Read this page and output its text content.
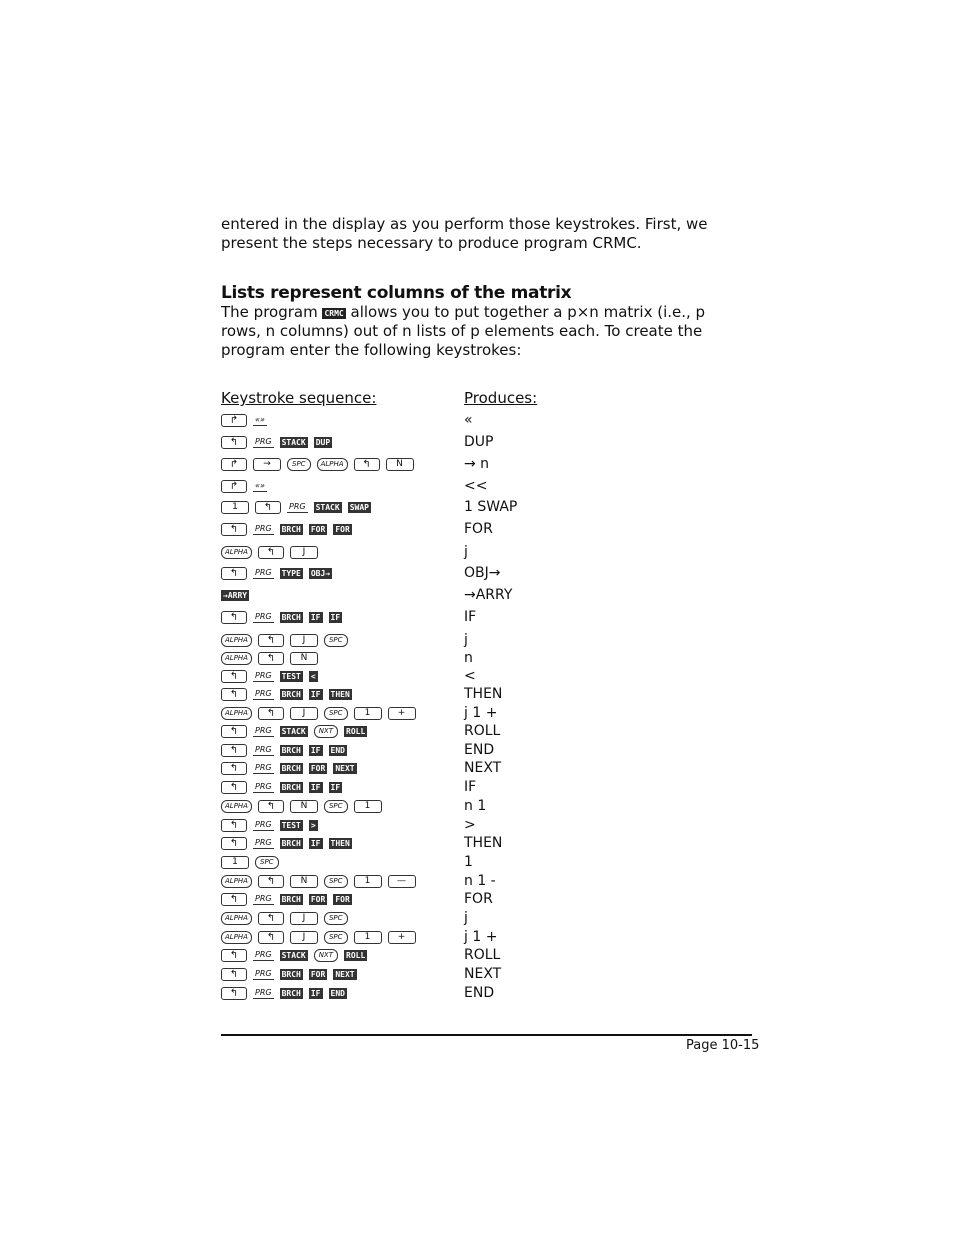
entered in the display as you perform those keystrokes. First, we present the steps necessary to produce program CRMC.
Lists represent columns of the matrix
The program CRMC allows you to put together a p×n matrix (i.e., p rows, n columns) out of n lists of p elements each. To create the program enter the following keystrokes:
Keystroke sequence:	Produces:
↱	«»	«
↰	PRG STACK DUP	DUP
↱	→	SPC	ALPHA	↰	N	→ n
↱	«»	<<
1	↰	PRG STACK SWAP	1 SWAP
↰	PRG BRCH FOR FOR	FOR
ALPHA	↰	J	j
↰	PRG TYPE OBJ→	OBJ→
→ARRY	→ARRY
↰	PRG BRCH IF IF	IF
ALPHA	↰	J	SPC	j
ALPHA	↰	N	n
↰	PRG TEST <	<
↰	PRG BRCH IF THEN	THEN
ALPHA	↰	J	SPC	1	+	j 1 +
↰	PRG STACK	NXT	ROLL	ROLL
↰	PRG BRCH IF END	END
↰	PRG BRCH FOR NEXT	NEXT
↰	PRG BRCH IF IF	IF
ALPHA	↰	N	SPC	1	n 1
↰	PRG TEST >	>
↰	PRG BRCH IF THEN	THEN
1	SPC	1
ALPHA	↰	N	SPC	1	—	n 1 -
↰	PRG BRCH FOR FOR	FOR
ALPHA	↰	J	SPC	j
ALPHA	↰	J	SPC	1	+	j 1 +
↰	PRG STACK	NXT	ROLL	ROLL
↰	PRG BRCH FOR NEXT	NEXT
↰	PRG BRCH IF END	END
Page 10-15
